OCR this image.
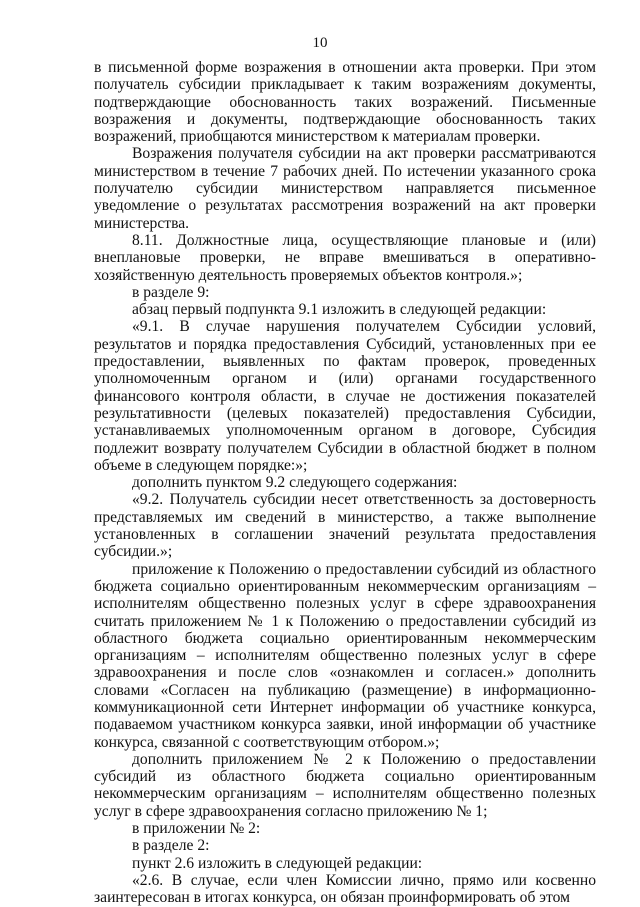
10

в письменной форме возражения в отношении акта проверки. При этом получатель субсидии прикладывает к таким возражениям документы, подтверждающие обоснованность таких возражений. Письменные возражения и документы, подтверждающие обоснованность таких возражений, приобщаются министерством к материалам проверки.

Возражения получателя субсидии на акт проверки рассматриваются министерством в течение 7 рабочих дней. По истечении указанного срока получателю субсидии министерством направляется письменное уведомление о результатах рассмотрения возражений на акт проверки министерства.

8.11. Должностные лица, осуществляющие плановые и (или) внеплановые проверки, не вправе вмешиваться в оперативно-хозяйственную деятельность проверяемых объектов контроля.»;

в разделе 9:

абзац первый подпункта 9.1 изложить в следующей редакции:

«9.1. В случае нарушения получателем Субсидии условий, результатов и порядка предоставления Субсидий, установленных при ее предоставлении, выявленных по фактам проверок, проведенных уполномоченным органом и (или) органами государственного финансового контроля области, в случае не достижения показателей результативности (целевых показателей) предоставления Субсидии, устанавливаемых уполномоченным органом в договоре, Субсидия подлежит возврату получателем Субсидии в областной бюджет в полном объеме в следующем порядке:»;

дополнить пунктом 9.2 следующего содержания:

«9.2. Получатель субсидии несет ответственность за достоверность представляемых им сведений в министерство, а также выполнение установленных в соглашении значений результата предоставления субсидии.»;

приложение к Положению о предоставлении субсидий из областного бюджета социально ориентированным некоммерческим организациям – исполнителям общественно полезных услуг в сфере здравоохранения считать приложением № 1 к Положению о предоставлении субсидий из областного бюджета социально ориентированным некоммерческим организациям – исполнителям общественно полезных услуг в сфере здравоохранения и после слов «ознакомлен и согласен.» дополнить словами «Согласен на публикацию (размещение) в информационно-коммуникационной сети Интернет информации об участнике конкурса, подаваемом участником конкурса заявки, иной информации об участнике конкурса, связанной с соответствующим отбором.»;

дополнить приложением № 2 к Положению о предоставлении субсидий из областного бюджета социально ориентированным некоммерческим организациям – исполнителям общественно полезных услуг в сфере здравоохранения согласно приложению № 1;

в приложении № 2:

в разделе 2:

пункт 2.6 изложить в следующей редакции:

«2.6. В случае, если член Комиссии лично, прямо или косвенно заинтересован в итогах конкурса, он обязан проинформировать об этом
